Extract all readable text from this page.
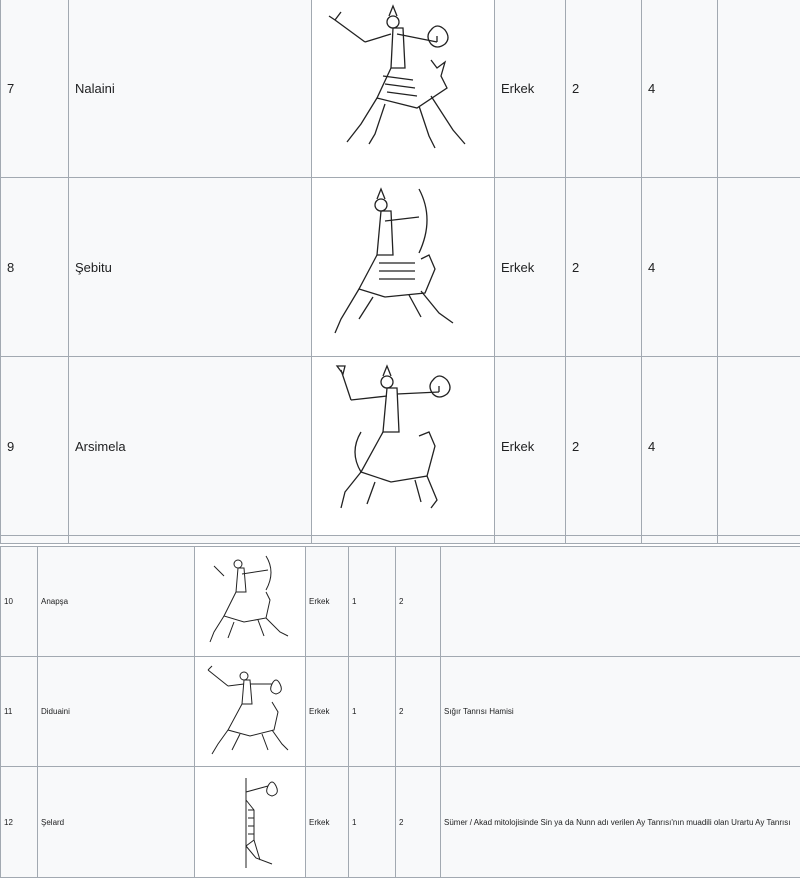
7	Nalaini		Erkek	2	4	
8	Şebitu		Erkek	2	4	
9	Arsimela		Erkek	2	4	

10	Anapşa		Erkek	1	2	
11	Diduaini		Erkek	1	2	Sığır Tanrısı Hamisi
12	Şelard		Erkek	1	2	Sümer / Akad mitolojisinde Sin ya da Nunn adı verilen Ay Tanrısı'nın muadili olan Urartu Ay Tanrısı
